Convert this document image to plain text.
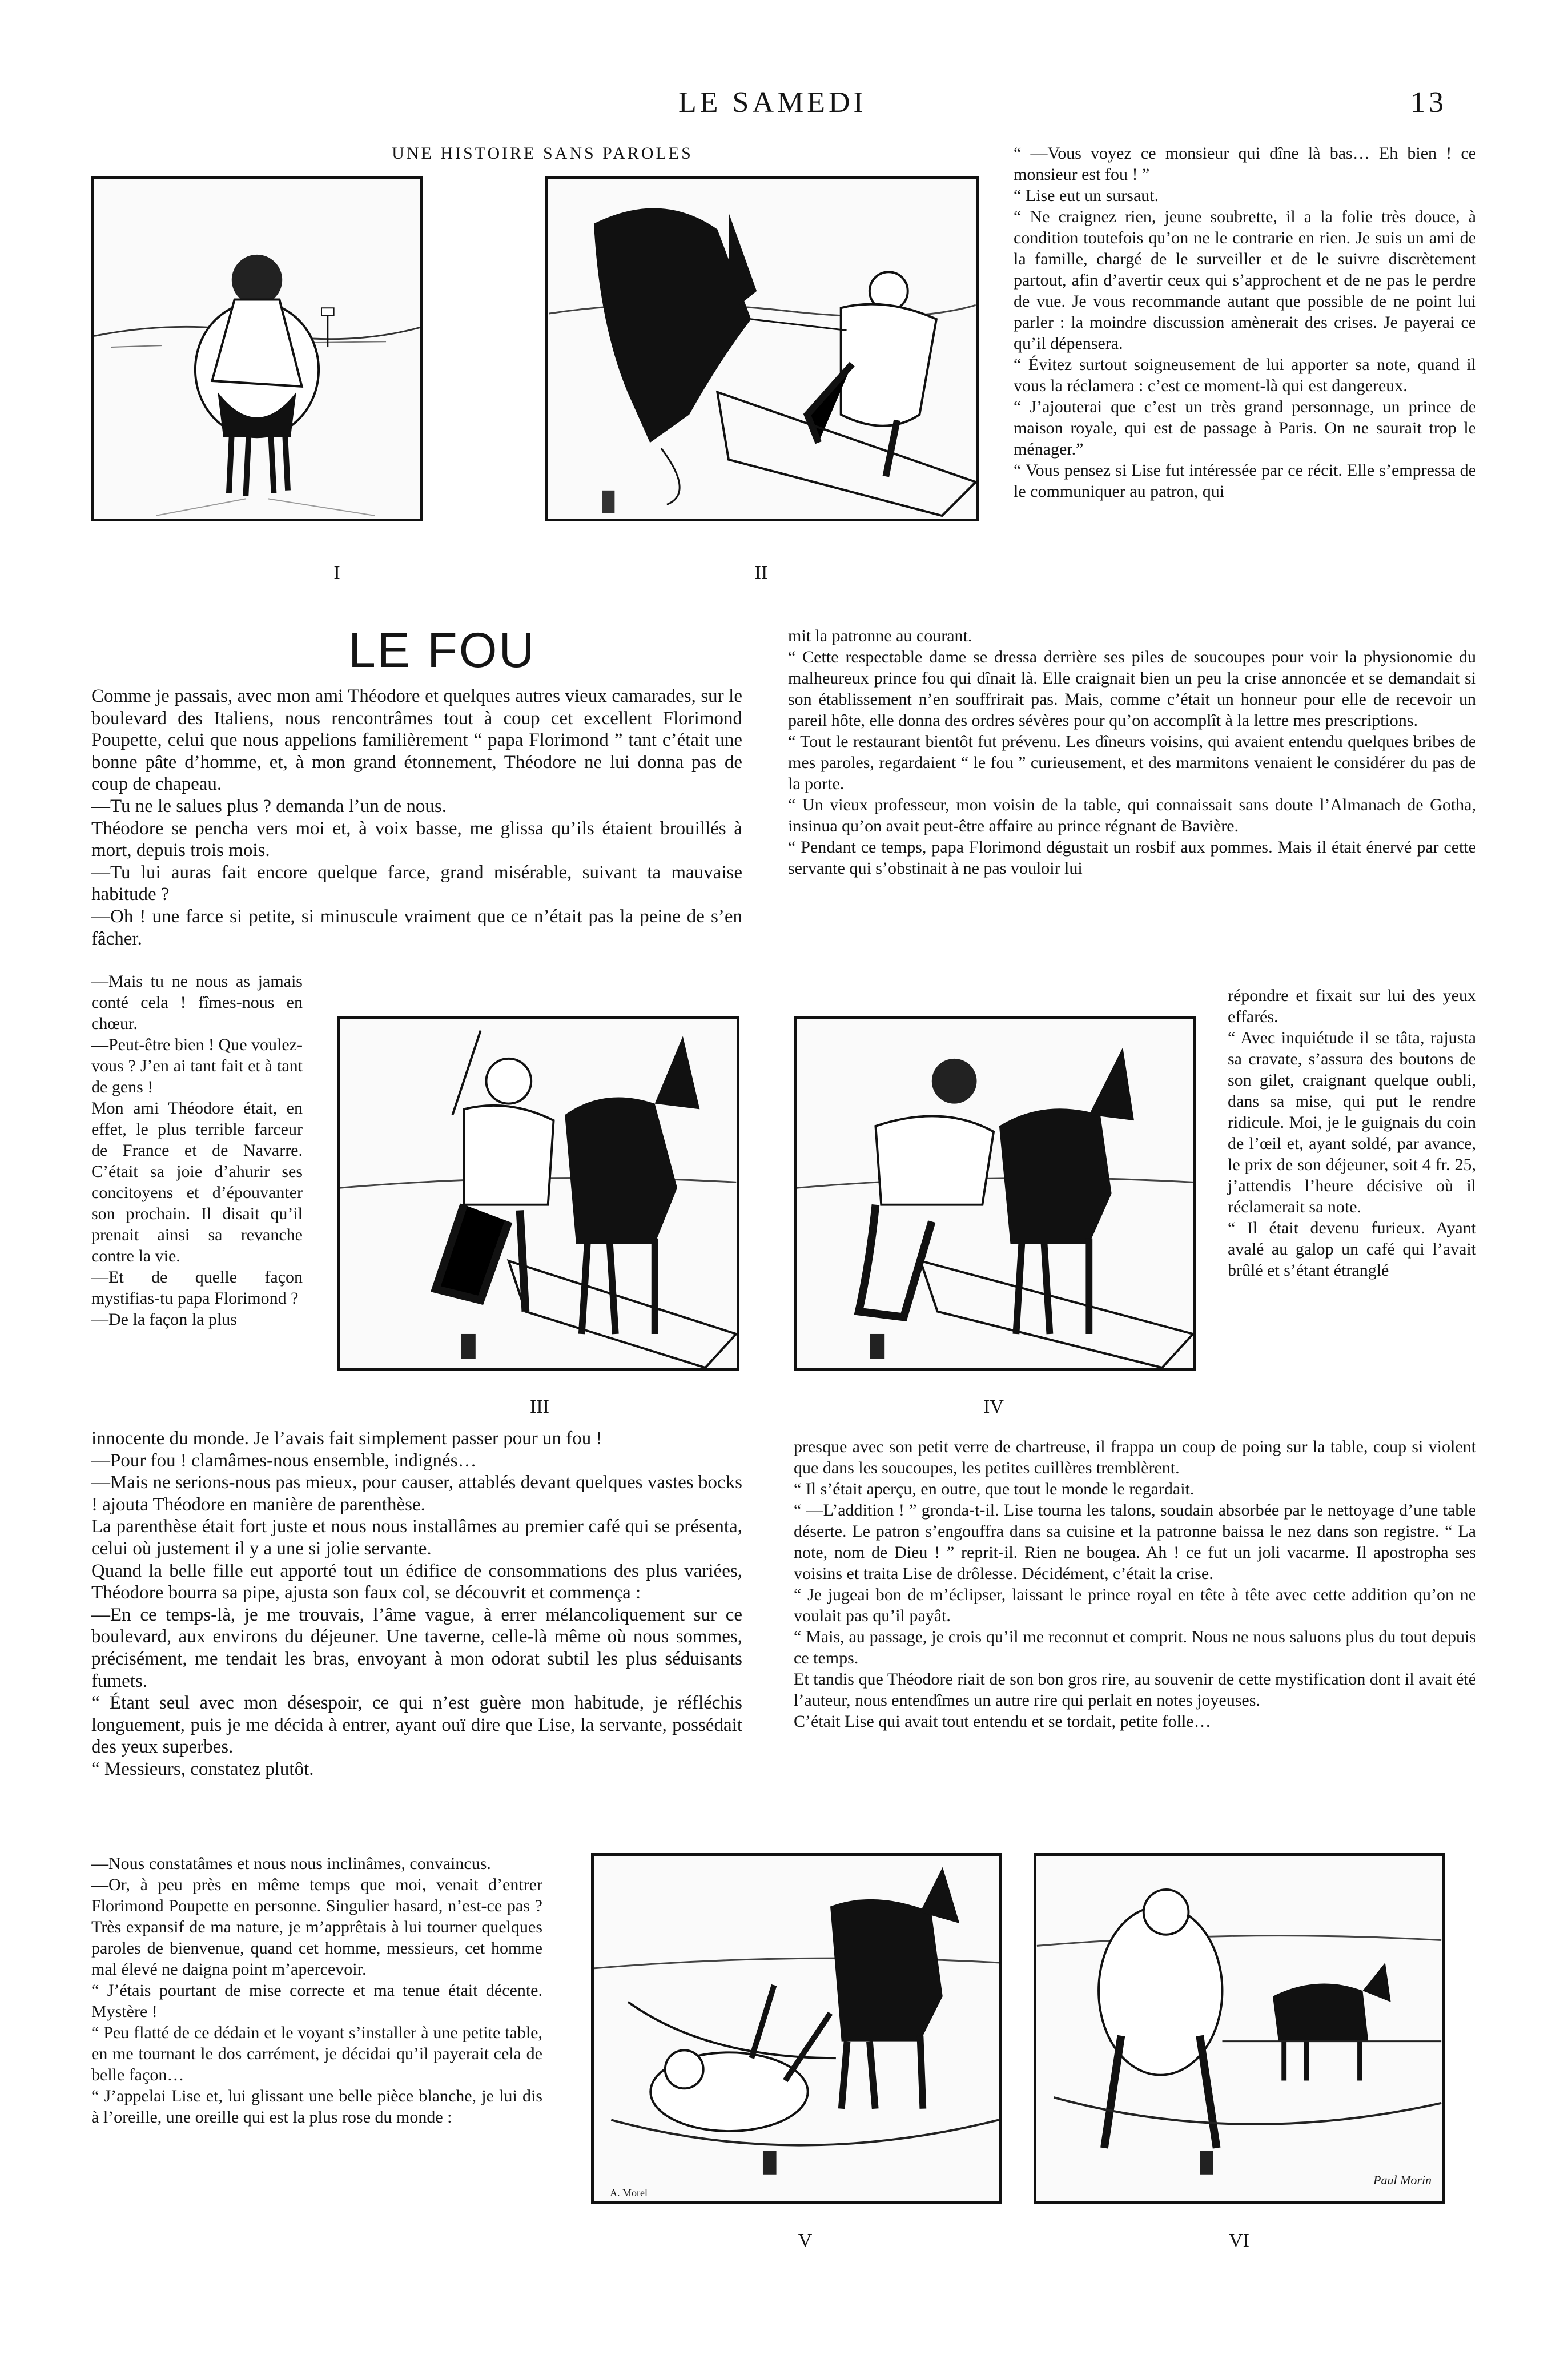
LE SAMEDI	13
UNE HISTOIRE SANS PAROLES
I	II
LE FOU

Comme je passais, avec mon ami Théodore et quelques autres vieux camarades, sur le boulevard des Italiens, nous rencontrâmes tout à coup cet excellent Florimond Poupette, celui que nous appelions familièrement “ papa Florimond ” tant c’était une bonne pâte d’homme, et, à mon grand étonnement, Théodore ne lui donna pas de coup de chapeau.

—Tu ne le salues plus ? demanda l’un de nous.

Théodore se pencha vers moi et, à voix basse, me glissa qu’ils étaient brouillés à mort, depuis trois mois.

—Tu lui auras fait encore quelque farce, grand misérable, suivant ta mauvaise habitude ?

—Oh ! une farce si petite, si minuscule vraiment que ce n’était pas la peine de s’en fâcher.

—Mais tu ne nous as jamais conté cela ! fîmes-nous en chœur.

—Peut-être bien ! Que voulez-vous ? J’en ai tant fait et à tant de gens !

Mon ami Théodore était, en effet, le plus terrible farceur de France et de Navarre. C’était sa joie d’ahurir ses concitoyens et d’épouvanter son prochain. Il disait qu’il prenait ainsi sa revanche contre la vie.

—Et de quelle façon mystifias-tu papa Florimond ?

—De la façon la plus

III	IV

innocente du monde. Je l’avais fait simplement passer pour un fou !

—Pour fou ! clamâmes-nous ensemble, indignés…

—Mais ne serions-nous pas mieux, pour causer, attablés devant quelques vastes bocks ! ajouta Théodore en manière de parenthèse.

La parenthèse était fort juste et nous nous installâmes au premier café qui se présenta, celui où justement il y a une si jolie servante.

Quand la belle fille eut apporté tout un édifice de consommations des plus variées, Théodore bourra sa pipe, ajusta son faux col, se découvrit et commença :

—En ce temps-là, je me trouvais, l’âme vague, à errer mélancoliquement sur ce boulevard, aux environs du déjeuner. Une taverne, celle-là même où nous sommes, précisément, me tendait les bras, envoyant à mon odorat subtil les plus séduisants fumets.

“ Étant seul avec mon désespoir, ce qui n’est guère mon habitude, je réfléchis longuement, puis je me décida à entrer, ayant ouï dire que Lise, la servante, possédait des yeux superbes.

“ Messieurs, constatez plutôt.

—Nous constatâmes et nous nous inclinâmes, convaincus.

—Or, à peu près en même temps que moi, venait d’entrer Florimond Poupette en personne. Singulier hasard, n’est-ce pas ? Très expansif de ma nature, je m’apprêtais à lui tourner quelques paroles de bienvenue, quand cet homme, messieurs, cet homme mal élevé ne daigna point m’apercevoir.

“ J’étais pourtant de mise correcte et ma tenue était décente. Mystère !

“ Peu flatté de ce dédain et le voyant s’installer à une petite table, en me tournant le dos carrément, je décidai qu’il payerait cela de belle façon…

“ J’appelai Lise et, lui glissant une belle pièce blanche, je lui dis à l’oreille, une oreille qui est la plus rose du monde :

“ —Vous voyez ce monsieur qui dîne là bas… Eh bien ! ce monsieur est fou ! ”

“ Lise eut un sursaut.

“ Ne craignez rien, jeune soubrette, il a la folie très douce, à condition toutefois qu’on ne le contrarie en rien. Je suis un ami de la famille, chargé de le surveiller et de le suivre discrètement partout, afin d’avertir ceux qui s’approchent et de ne pas le perdre de vue. Je vous recommande autant que possible de ne point lui parler : la moindre discussion amènerait des crises. Je payerai ce qu’il dépensera.

“ Évitez surtout soigneusement de lui apporter sa note, quand il vous la réclamera : c’est ce moment-là qui est dangereux.

“ J’ajouterai que c’est un très grand personnage, un prince de maison royale, qui est de passage à Paris. On ne saurait trop le ménager.”

“ Vous pensez si Lise fut intéressée par ce récit. Elle s’empressa de le communiquer au patron, qui

mit la patronne au courant.

“ Cette respectable dame se dressa derrière ses piles de soucoupes pour voir la physionomie du malheureux prince fou qui dînait là. Elle craignait bien un peu la crise annoncée et se demandait si son établissement n’en souffrirait pas. Mais, comme c’était un honneur pour elle de recevoir un pareil hôte, elle donna des ordres sévères pour qu’on accomplît à la lettre mes prescriptions.

“ Tout le restaurant bientôt fut prévenu. Les dîneurs voisins, qui avaient entendu quelques bribes de mes paroles, regardaient “ le fou ” curieusement, et des marmitons venaient le considérer du pas de la porte.

“ Un vieux professeur, mon voisin de la table, qui connaissait sans doute l’Almanach de Gotha, insinua qu’on avait peut-être affaire au prince régnant de Bavière.

“ Pendant ce temps, papa Florimond dégustait un rosbif aux pommes. Mais il était énervé par cette servante qui s’obstinait à ne pas vouloir lui

répondre et fixait sur lui des yeux effarés.

“ Avec inquiétude il se tâta, rajusta sa cravate, s’assura des boutons de son gilet, craignant quelque oubli, dans sa mise, qui put le rendre ridicule. Moi, je le guignais du coin de l’œil et, ayant soldé, par avance, le prix de son déjeuner, soit 4 fr. 25, j’attendis l’heure décisive où il réclamerait sa note.

“ Il était devenu furieux. Ayant avalé au galop un café qui l’avait brûlé et s’étant étranglé

presque avec son petit verre de chartreuse, il frappa un coup de poing sur la table, coup si violent que dans les soucoupes, les petites cuillères tremblèrent.

“ Il s’était aperçu, en outre, que tout le monde le regardait.

“ —L’addition ! ” gronda-t-il. Lise tourna les talons, soudain absorbée par le nettoyage d’une table déserte. Le patron s’engouffra dans sa cuisine et la patronne baissa le nez dans son registre. “ La note, nom de Dieu ! ” reprit-il. Rien ne bougea. Ah ! ce fut un joli vacarme. Il apostropha ses voisins et traita Lise de drôlesse. Décidément, c’était la crise.

“ Je jugeai bon de m’éclipser, laissant le prince royal en tête à tête avec cette addition qu’on ne voulait pas qu’il payât.

“ Mais, au passage, je crois qu’il me reconnut et comprit. Nous ne nous saluons plus du tout depuis ce temps.

Et tandis que Théodore riait de son bon gros rire, au souvenir de cette mystification dont il avait été l’auteur, nous entendîmes un autre rire qui perlait en notes joyeuses.

C’était Lise qui avait tout entendu et se tordait, petite folle…

A. Morel
Paul Morin
V	VI
